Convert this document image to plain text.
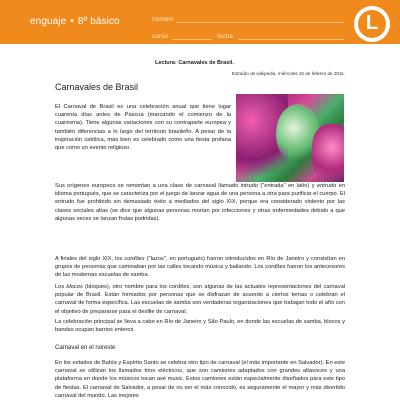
enguaje • 8º básico	nombre
curso	fecha
L
Lectura: Carnavales de Brasil.
Extraído de wikipedia, miércoles 16 de febrero de 2011.
Carnavales de Brasil

El Carnaval de Brasil es una celebración anual que tiene lugar cuarenta días antes de Pascua (marcando el comienzo de la cuaresma). Tiene algunas variaciones con su contraparte europea y también diferencias a lo largo del territorio brasileño. A pesar de la inspiración católica, más bien es celebrado como una fiesta profana que como un evento religioso.

Sus orígenes europeos se remontan a una clase de carnaval llamado intrudo ("entrada" en latín) y entrudo en idioma portugués, que se caracteriza por el juego de lanzar agua de una persona a otra para purificar el cuerpo. El entrudo fue prohibido sin demasiado éxito a mediados del siglo XIX, porque era considerado violento por las clases sociales altas (se dice que algunas personas morían por infecciones y otras enfermedades debido a que algunas veces se lanzan frutas podridas).

A finales del siglo XIX, los cordões ("lazos", en portugués) fueron introducidos en Río de Janeiro y consistían en grupos de personas que caminaban por las calles tocando música y bailando. Los cordões fueron los antecesores de las modernas escuelas de samba.

Los blocos (bloques), otro nombre para los cordões, son algunas de las actuales representaciones del carnaval popular de Brasil. Están formados por personas que se disfrazan de acuerdo a ciertos temas o celebran el carnaval de forma específica. Las escuelas de samba son verdaderas organizaciones que trabajan todo el año con el objetivo de prepararse para el desfile de carnaval.

La celebración principal se lleva a cabo en Río de Janeiro y São Paulo, en donde las escuelas de samba, blocos y bandas ocupan barrios enteros.

Carnaval en el noreste

En los estados de Bahía y Espírito Santo se celebra otro tipo de carnaval (el más importante en Salvador). En este carnaval se utilizan los llamados trios eléctricos, que son camiones adaptados con grandes altavoces y una plataforma en donde los músicos tocan axé music. Estos camiones están especialmente diseñados para este tipo de fiestas. El carnaval de Salvador, a pesar de no ser el más conocido, es seguramente el mayor y más divertido carnaval del mundo. Las mejores
